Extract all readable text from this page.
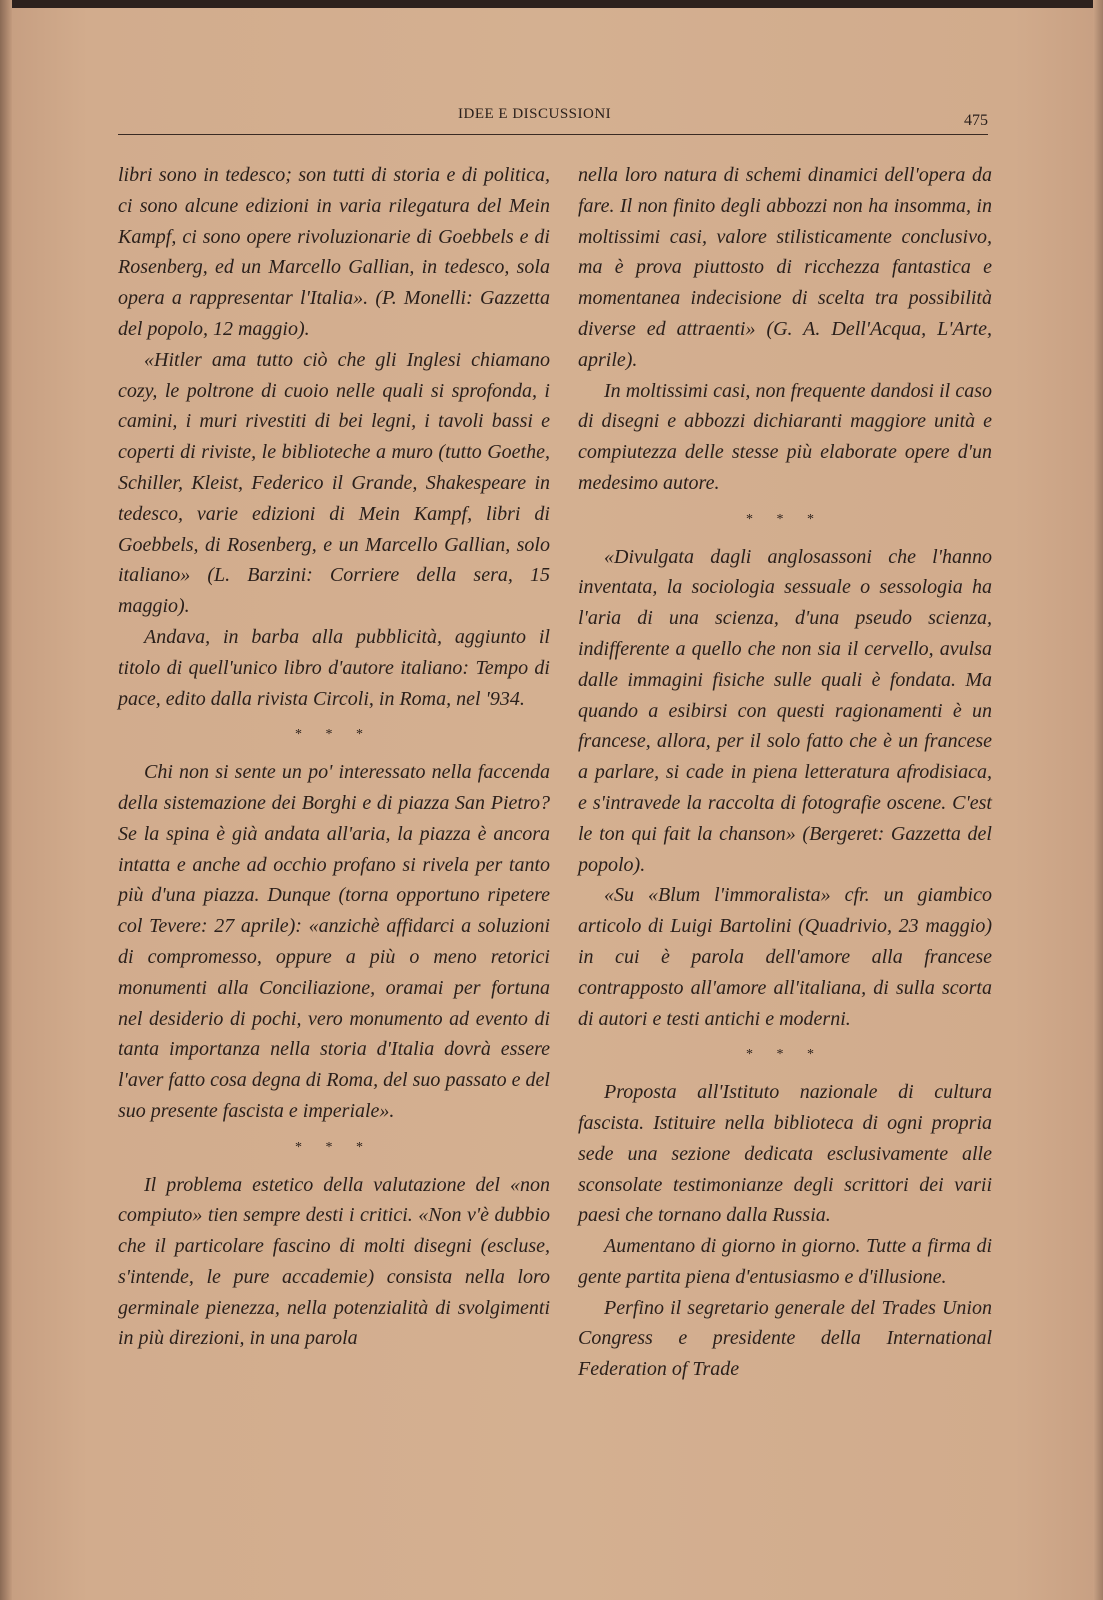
IDEE E DISCUSSIONI	475

libri sono in tedesco; son tutti di storia e di politica, ci sono alcune edizioni in varia rilegatura del Mein Kampf, ci sono opere rivoluzionarie di Goebbels e di Rosenberg, ed un Marcello Gallian, in tedesco, sola opera a rappresentar l'Italia». (P. Monelli: Gazzetta del popolo, 12 maggio).

«Hitler ama tutto ciò che gli Inglesi chiamano cozy, le poltrone di cuoio nelle quali si sprofonda, i camini, i muri rivestiti di bei legni, i tavoli bassi e coperti di riviste, le biblioteche a muro (tutto Goethe, Schiller, Kleist, Federico il Grande, Shakespeare in tedesco, varie edizioni di Mein Kampf, libri di Goebbels, di Rosenberg, e un Marcello Gallian, solo italiano» (L. Barzini: Corriere della sera, 15 maggio).

Andava, in barba alla pubblicità, aggiunto il titolo di quell'unico libro d'autore italiano: Tempo di pace, edito dalla rivista Circoli, in Roma, nel '934.

* * *

Chi non si sente un po' interessato nella faccenda della sistemazione dei Borghi e di piazza San Pietro? Se la spina è già andata all'aria, la piazza è ancora intatta e anche ad occhio profano si rivela per tanto più d'una piazza. Dunque (torna opportuno ripetere col Tevere: 27 aprile): «anzichè affidarci a soluzioni di compromesso, oppure a più o meno retorici monumenti alla Conciliazione, oramai per fortuna nel desiderio di pochi, vero monumento ad evento di tanta importanza nella storia d'Italia dovrà essere l'aver fatto cosa degna di Roma, del suo passato e del suo presente fascista e imperiale».

* * *

Il problema estetico della valutazione del «non compiuto» tien sempre desti i critici. «Non v'è dubbio che il particolare fascino di molti disegni (escluse, s'intende, le pure accademie) consista nella loro germinale pienezza, nella potenzialità di svolgimenti in più direzioni, in una parola

nella loro natura di schemi dinamici dell'opera da fare. Il non finito degli abbozzi non ha insomma, in moltissimi casi, valore stilisticamente conclusivo, ma è prova piuttosto di ricchezza fantastica e momentanea indecisione di scelta tra possibilità diverse ed attraenti» (G. A. Dell'Acqua, L'Arte, aprile).

In moltissimi casi, non frequente dandosi il caso di disegni e abbozzi dichiaranti maggiore unità e compiutezza delle stesse più elaborate opere d'un medesimo autore.

* * *

«Divulgata dagli anglosassoni che l'hanno inventata, la sociologia sessuale o sessologia ha l'aria di una scienza, d'una pseudo scienza, indifferente a quello che non sia il cervello, avulsa dalle immagini fisiche sulle quali è fondata. Ma quando a esibirsi con questi ragionamenti è un francese, allora, per il solo fatto che è un francese a parlare, si cade in piena letteratura afrodisiaca, e s'intravede la raccolta di fotografie oscene. C'est le ton qui fait la chanson» (Bergeret: Gazzetta del popolo).

«Su «Blum l'immoralista» cfr. un giambico articolo di Luigi Bartolini (Quadrivio, 23 maggio) in cui è parola dell'amore alla francese contrapposto all'amore all'italiana, di sulla scorta di autori e testi antichi e moderni.

* * *

Proposta all'Istituto nazionale di cultura fascista. Istituire nella biblioteca di ogni propria sede una sezione dedicata esclusivamente alle sconsolate testimonianze degli scrittori dei varii paesi che tornano dalla Russia.

Aumentano di giorno in giorno. Tutte a firma di gente partita piena d'entusiasmo e d'illusione.

Perfino il segretario generale del Trades Union Congress e presidente della International Federation of Trade
